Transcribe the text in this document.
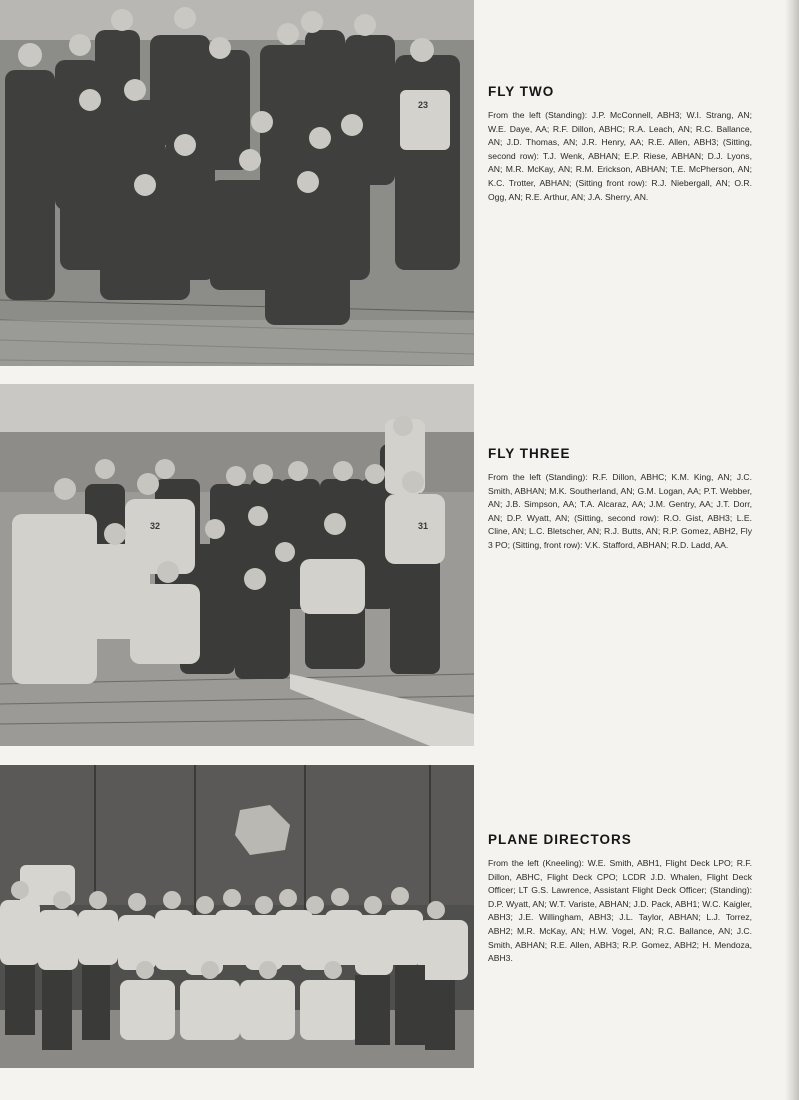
23
32	31
FLY TWO

From the left (Standing): J.P. McConnell, ABH3; W.I. Strang, AN; W.E. Daye, AA; R.F. Dillon, ABHC; R.A. Leach, AN; R.C. Ballance, AN; J.D. Thomas, AN; J.R. Henry, AA; R.E. Allen, ABH3; (Sitting, second row): T.J. Wenk, ABHAN; E.P. Riese, ABHAN; D.J. Lyons, AN; M.R. McKay, AN; R.M. Erickson, ABHAN; T.E. McPherson, AN; K.C. Trotter, ABHAN; (Sitting front row): R.J. Niebergall, AN; O.R. Ogg, AN; R.E. Arthur, AN; J.A. Sherry, AN.

FLY THREE

From the left (Standing): R.F. Dillon, ABHC; K.M. King, AN; J.C. Smith, ABHAN; M.K. Southerland, AN; G.M. Logan, AA; P.T. Webber, AN; J.B. Simpson, AA; T.A. Alcaraz, AA; J.M. Gentry, AA; J.T. Dorr, AN; D.P. Wyatt, AN; (Sitting, second row): R.O. Gist, ABH3; L.E. Cline, AN; L.C. Bletscher, AN; R.J. Butts, AN; R.P. Gomez, ABH2, Fly 3 PO; (Sitting, front row): V.K. Stafford, ABHAN; R.D. Ladd, AA.

PLANE DIRECTORS

From the left (Kneeling): W.E. Smith, ABH1, Flight Deck LPO; R.F. Dillon, ABHC, Flight Deck CPO; LCDR J.D. Whalen, Flight Deck Officer; LT G.S. Lawrence, Assistant Flight Deck Officer; (Standing): D.P. Wyatt, AN; W.T. Variste, ABHAN; J.D. Pack, ABH1; W.C. Kaigler, ABH3; J.E. Willingham, ABH3; J.L. Taylor, ABHAN; L.J. Torrez, ABH2; M.R. McKay, AN; H.W. Vogel, AN; R.C. Ballance, AN; J.C. Smith, ABHAN; R.E. Allen, ABH3; R.P. Gomez, ABH2; H. Mendoza, ABH3.
